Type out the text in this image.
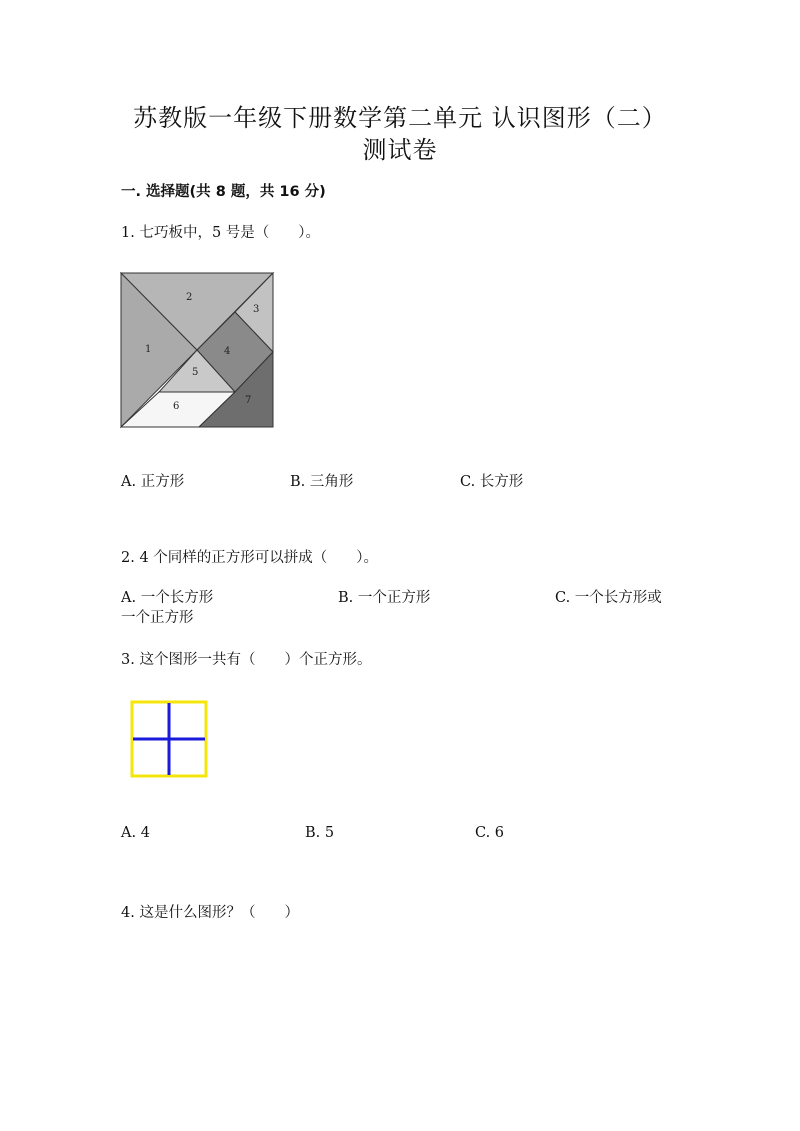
苏教版一年级下册数学第二单元 认识图形（二）
测试卷
一. 选择题(共 8 题，共 16 分)
1. 七巧板中，5 号是（　　）。
1
2
3
4
5
6
7
A. 正方形	B. 三角形	C. 长方形
2. 4 个同样的正方形可以拼成（　　）。
A. 一个长方形	B. 一个正方形	C. 一个长方形或
一个正方形
3. 这个图形一共有（　　）个正方形。
A. 4	B. 5	C. 6
4. 这是什么图形？（　　）
